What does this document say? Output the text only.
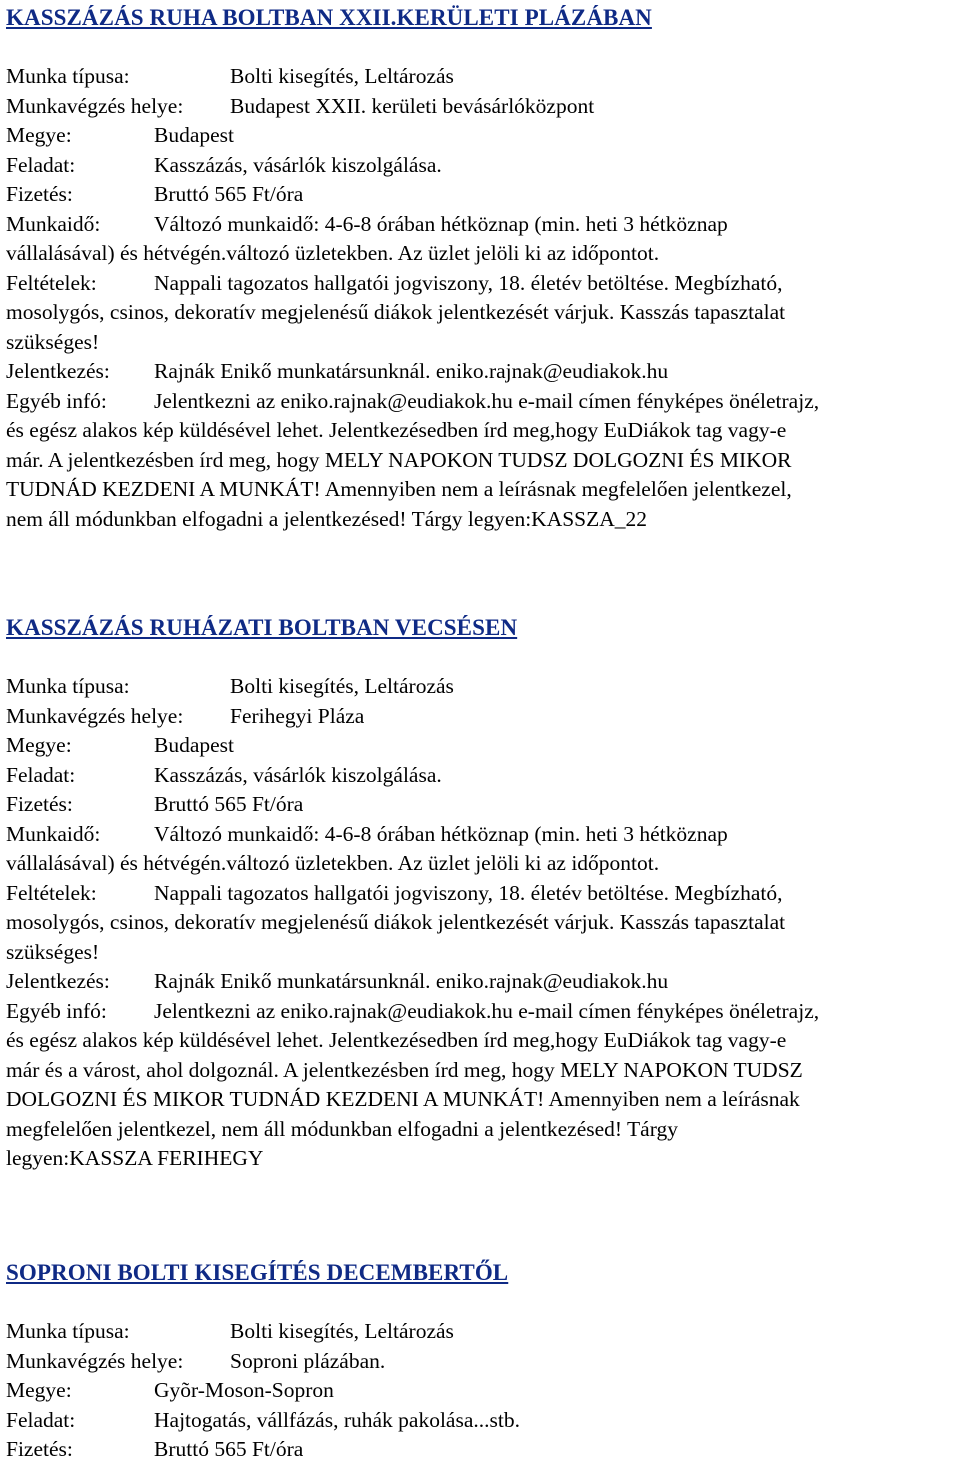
KASSZÁZÁS RUHA BOLTBAN XXII.KERÜLETI PLÁZÁBAN
Munka típusa:	Bolti kisegítés, Leltározás
Munkavégzés helye: Budapest XXII. kerületi bevásárlóközpont
Megye:	Budapest
Feladat:	Kasszázás, vásárlók kiszolgálása.
Fizetés:	Bruttó 565 Ft/óra
Munkaidő: Változó munkaidő: 4-6-8 órában hétköznap (min. heti 3 hétköznap
vállalásával) és hétvégén.változó üzletekben. Az üzlet jelöli ki az időpontot.
Feltételek:	Nappali tagozatos hallgatói jogviszony, 18. életév betöltése. Megbízható,
mosolygós, csinos, dekoratív megjelenésű diákok jelentkezését várjuk. Kasszás tapasztalat
szükséges!
Jelentkezés: Rajnák Enikő munkatársunknál. eniko.rajnak@eudiakok.hu
Egyéb infó: Jelentkezni az eniko.rajnak@eudiakok.hu e-mail címen fényképes önéletrajz,
és egész alakos kép küldésével lehet. Jelentkezésedben írd meg,hogy EuDiákok tag vagy-e
már. A jelentkezésben írd meg, hogy MELY NAPOKON TUDSZ DOLGOZNI ÉS MIKOR
TUDNÁD KEZDENI A MUNKÁT! Amennyiben nem a leírásnak megfelelően jelentkezel,
nem áll módunkban elfogadni a jelentkezésed! Tárgy legyen:KASSZA_22
KASSZÁZÁS RUHÁZATI BOLTBAN VECSÉSEN
Munka típusa:	Bolti kisegítés, Leltározás
Munkavégzés helye: Ferihegyi Pláza
Megye:	Budapest
Feladat:	Kasszázás, vásárlók kiszolgálása.
Fizetés:	Bruttó 565 Ft/óra
Munkaidő: Változó munkaidő: 4-6-8 órában hétköznap (min. heti 3 hétköznap
vállalásával) és hétvégén.változó üzletekben. Az üzlet jelöli ki az időpontot.
Feltételek:	Nappali tagozatos hallgatói jogviszony, 18. életév betöltése. Megbízható,
mosolygós, csinos, dekoratív megjelenésű diákok jelentkezését várjuk. Kasszás tapasztalat
szükséges!
Jelentkezés: Rajnák Enikő munkatársunknál. eniko.rajnak@eudiakok.hu
Egyéb infó: Jelentkezni az eniko.rajnak@eudiakok.hu e-mail címen fényképes önéletrajz,
és egész alakos kép küldésével lehet. Jelentkezésedben írd meg,hogy EuDiákok tag vagy-e
már és a várost, ahol dolgoznál. A jelentkezésben írd meg, hogy MELY NAPOKON TUDSZ
DOLGOZNI ÉS MIKOR TUDNÁD KEZDENI A MUNKÁT! Amennyiben nem a leírásnak
megfelelően jelentkezel, nem áll módunkban elfogadni a jelentkezésed! Tárgy
legyen:KASSZA FERIHEGY
SOPRONI BOLTI KISEGÍTÉS DECEMBERTŐL
Munka típusa:	Bolti kisegítés, Leltározás
Munkavégzés helye: Soproni plázában.
Megye:	Gyõr-Moson-Sopron
Feladat:	Hajtogatás, vállfázás, ruhák pakolása...stb.
Fizetés:	Bruttó 565 Ft/óra
